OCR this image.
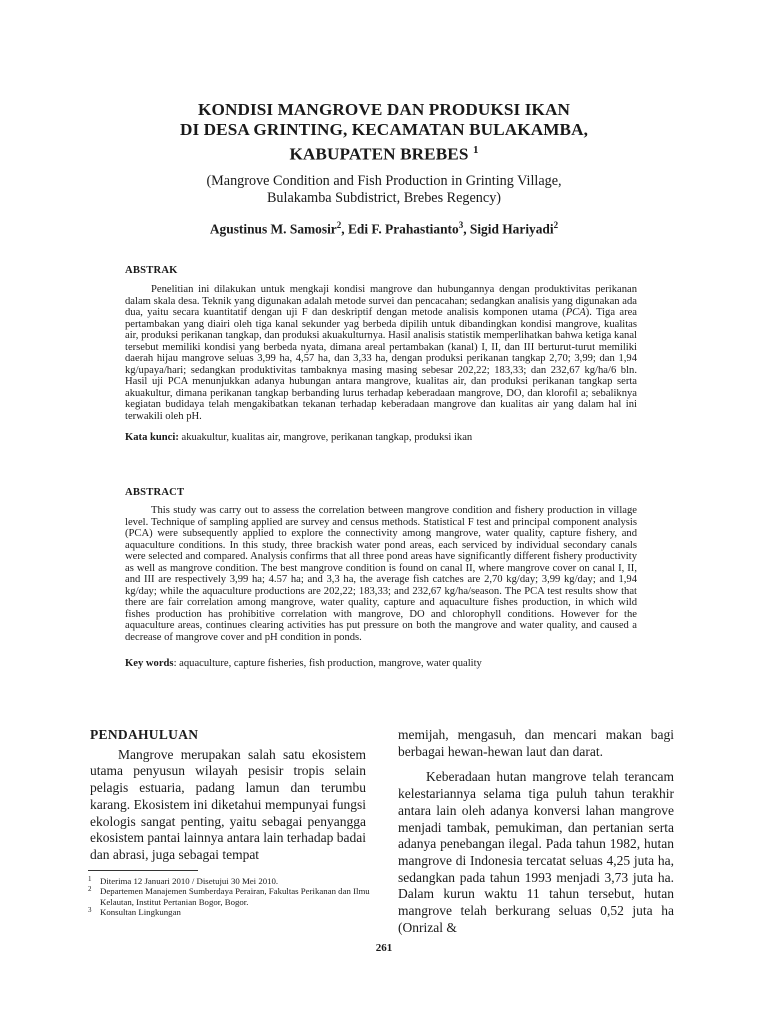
KONDISI MANGROVE DAN PRODUKSI IKAN
DI DESA GRINTING, KECAMATAN BULAKAMBA,
KABUPATEN BREBES $^1$
(Mangrove Condition and Fish Production in Grinting Village,
Bulakamba Subdistrict, Brebes Regency)
Agustinus M. Samosir$^2$, Edi F. Prahastianto$^3$, Sigid Hariyadi$^2$
ABSTRAK

Penelitian ini dilakukan untuk mengkaji kondisi mangrove dan hubungannya dengan produktivitas perikanan dalam skala desa. Teknik yang digunakan adalah metode survei dan pencacahan; sedangkan analisis yang digunakan ada dua, yaitu secara kuantitatif dengan uji F dan deskriptif dengan metode analisis komponen utama (PCA). Tiga area pertambakan yang diairi oleh tiga kanal sekunder yag berbeda dipilih untuk dibandingkan kondisi mangrove, kualitas air, produksi perikanan tangkap, dan produksi akuakulturnya. Hasil analisis statistik memperlihatkan bahwa ketiga kanal tersebut memiliki kondisi yang berbeda nyata, dimana areal pertambakan (kanal) I, II, dan III berturut-turut memiliki daerah hijau mangrove seluas 3,99 ha, 4,57 ha, dan 3,33 ha, dengan produksi perikanan tangkap 2,70; 3,99; dan 1,94 kg/upaya/hari; sedangkan produktivitas tambaknya masing masing sebesar 202,22; 183,33; dan 232,67 kg/ha/6 bln. Hasil uji PCA menunjukkan adanya hubungan antara mangrove, kualitas air, dan produksi perikanan tangkap serta akuakultur, dimana perikanan tangkap berbanding lurus terhadap keberadaan mangrove, DO, dan klorofil a; sebaliknya kegiatan budidaya telah mengakibatkan tekanan terhadap keberadaan mangrove dan kualitas air yang dalam hal ini terwakili oleh pH.

Kata kunci: akuakultur, kualitas air, mangrove, perikanan tangkap, produksi ikan
ABSTRACT

This study was carry out to assess the correlation between mangrove condition and fishery production in village level. Technique of sampling applied are survey and census methods. Statistical F test and principal component analysis (PCA) were subsequently applied to explore the connectivity among mangrove, water quality, capture fishery, and aquaculture conditions. In this study, three brackish water pond areas, each serviced by individual secondary canals were selected and compared. Analysis confirms that all three pond areas have significantly different fishery productivity as well as mangrove condition. The best mangrove condition is found on canal II, where mangrove cover on canal I, II, and III are respectively 3,99 ha; 4.57 ha; and 3,3 ha, the average fish catches are 2,70 kg/day; 3,99 kg/day; and 1,94 kg/day; while the aquaculture productions are 202,22; 183,33; and 232,67 kg/ha/season. The PCA test results show that there are fair correlation among mangrove, water quality, capture and aquaculture fishes production, in which wild fishes production has prohibitive correlation with mangrove, DO and chlorophyll conditions. However for the aquaculture areas, continues clearing activities has put pressure on both the mangrove and water quality, and caused a decrease of mangrove cover and pH condition in ponds.

Key words: aquaculture, capture fisheries, fish production, mangrove, water quality
PENDAHULUAN

Mangrove merupakan salah satu ekosistem utama penyusun wilayah pesisir tropis selain pelagis estuaria, padang lamun dan terumbu karang. Ekosistem ini diketahui mempunyai fungsi ekologis sangat penting, yaitu sebagai penyangga ekosistem pantai lainnya antara lain terhadap badai dan abrasi, juga sebagai tempat

memijah, mengasuh, dan mencari makan bagi berbagai hewan-hewan laut dan darat.

Keberadaan hutan mangrove telah terancam kelestariannya selama tiga puluh tahun terakhir antara lain oleh adanya konversi lahan mangrove menjadi tambak, pemukiman, dan pertanian serta adanya penebangan ilegal. Pada tahun 1982, hutan mangrove di Indonesia tercatat seluas 4,25 juta ha, sedangkan pada tahun 1993 menjadi 3,73 juta ha. Dalam kurun waktu 11 tahun tersebut, hutan mangrove telah berkurang seluas 0,52 juta ha (Onrizal &

1 Diterima 12 Januari 2010 / Disetujui 30 Mei 2010.
2 Departemen Manajemen Sumberdaya Perairan, Fakultas Perikanan dan Ilmu Kelautan, Institut Pertanian Bogor, Bogor.
3 Konsultan Lingkungan
261
